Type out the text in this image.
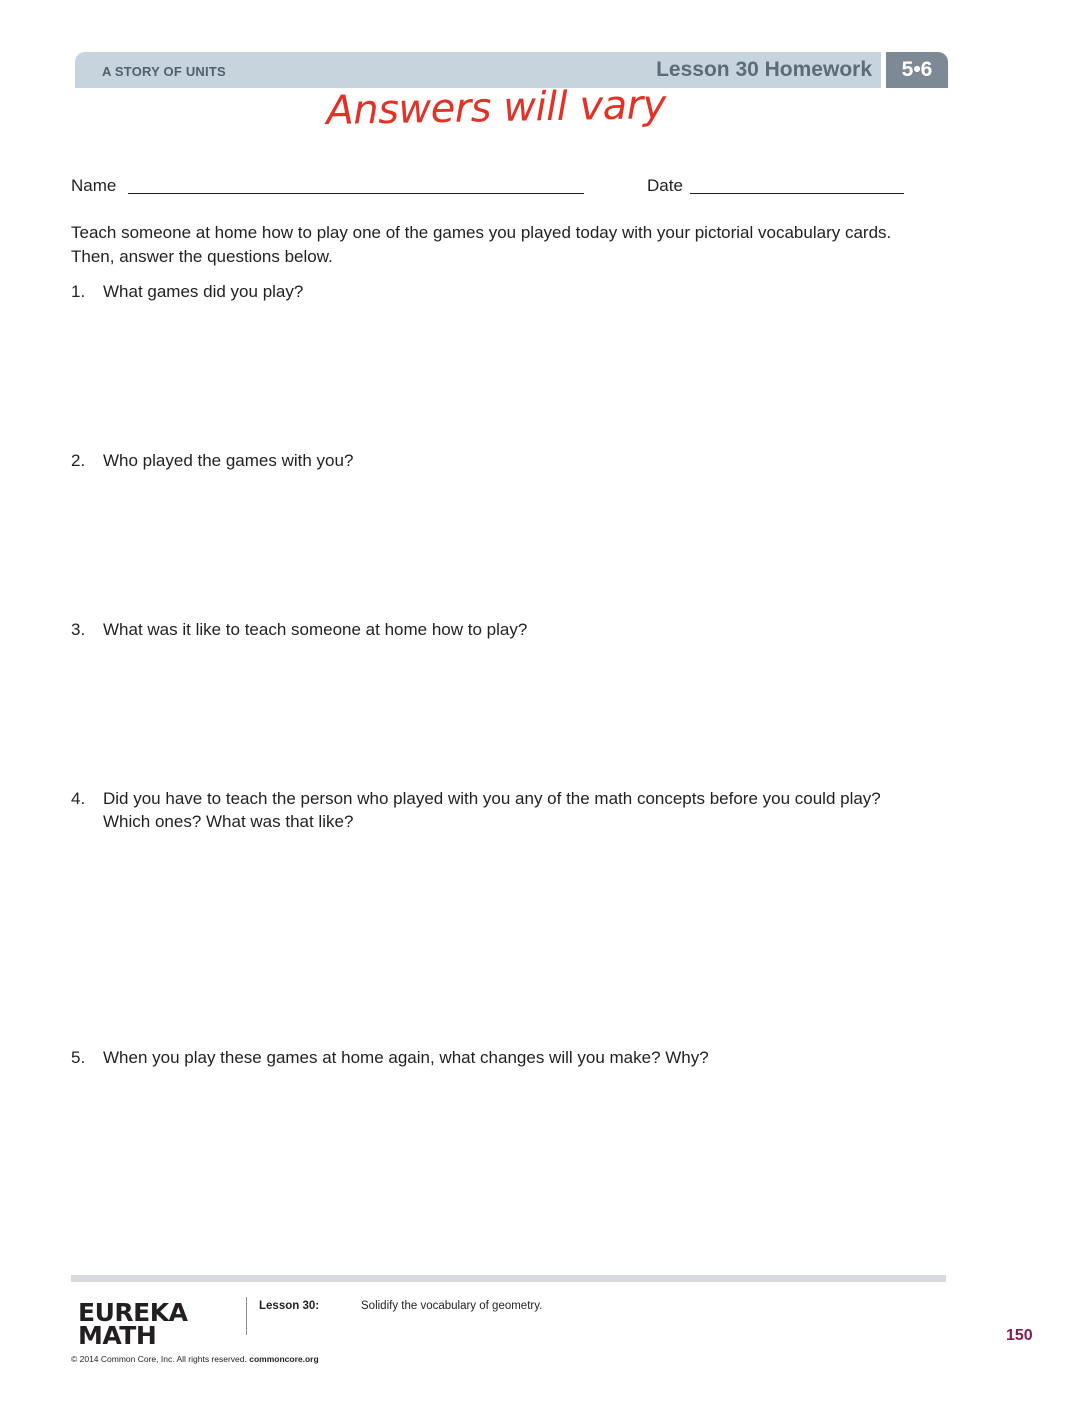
A STORY OF UNITS	Lesson 30 Homework	5•6
Answers will vary
Name	Date
Teach someone at home how to play one of the games you played today with your pictorial vocabulary cards.
Then, answer the questions below.
1. What games did you play?
2. Who played the games with you?
3. What was it like to teach someone at home how to play?
4. Did you have to teach the person who played with you any of the math concepts before you could play?
Which ones? What was that like?
5. When you play these games at home again, what changes will you make? Why?
EUREKA
MATH
Lesson 30:	Solidify the vocabulary of geometry.
© 2014 Common Core, Inc. All rights reserved. commoncore.org
150
